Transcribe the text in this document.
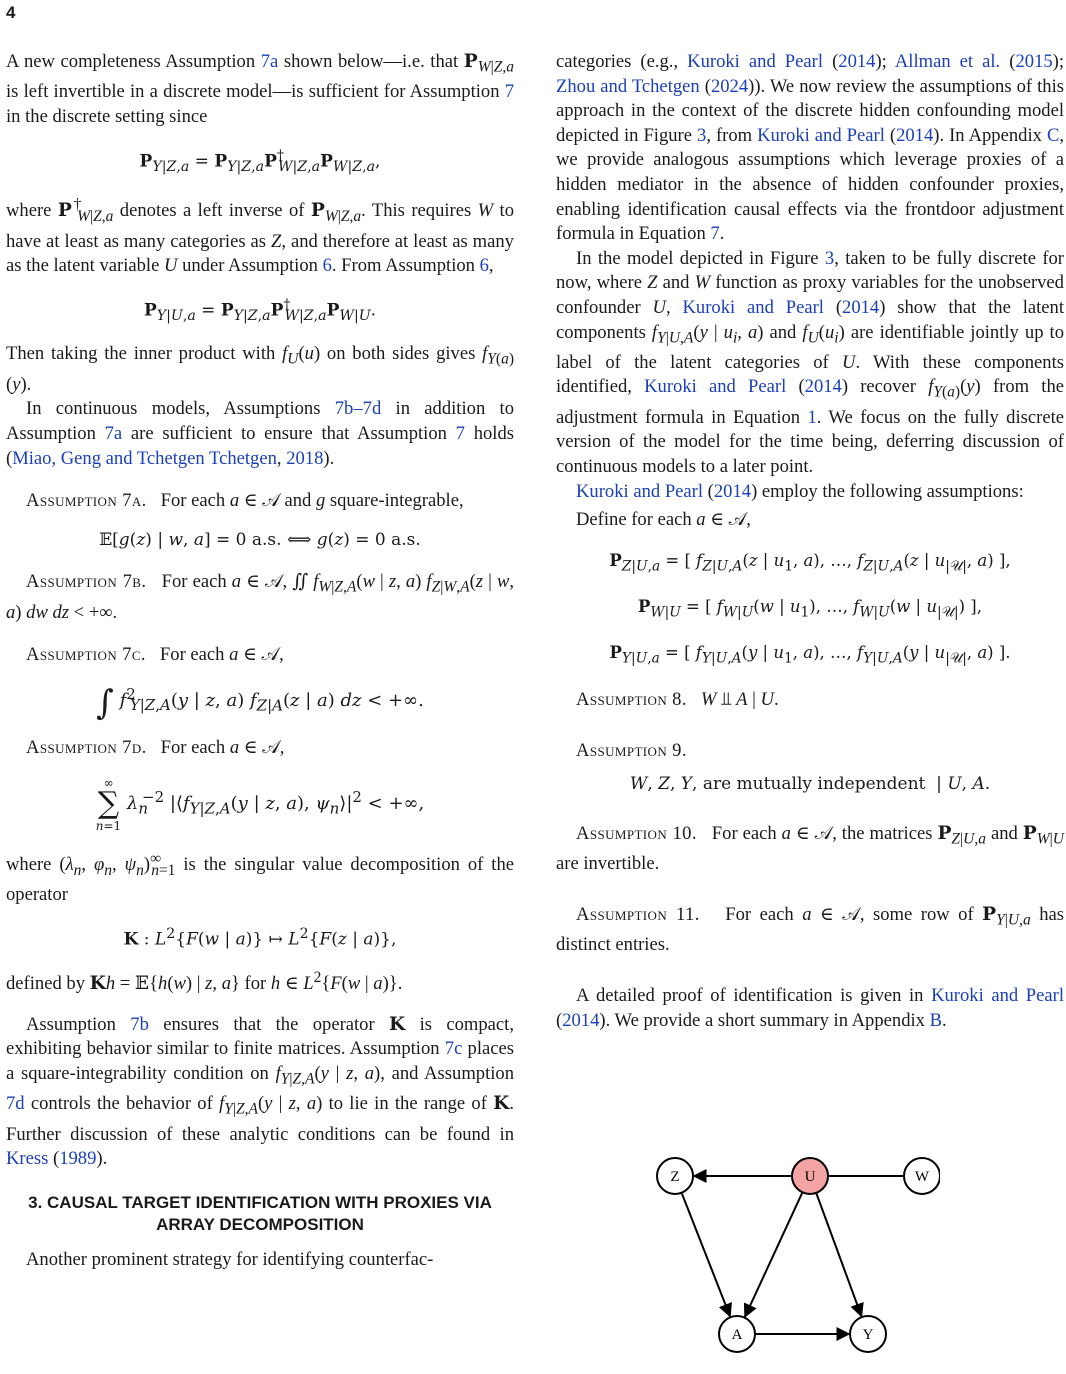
4

A new completeness Assumption 7a shown below—i.e. that $P_{W|Z,a}$ is left invertible in a discrete model—is sufficient for Assumption 7 in the discrete setting since

$P_{Y|Z,a} = P_{Y|Z,a}P^\dagger_{W|Z,a}P_{W|Z,a}$,

where $P^\dagger_{W|Z,a}$ denotes a left inverse of $P_{W|Z,a}$. This requires W to have at least as many categories as Z, and therefore at least as many as the latent variable U under Assumption 6. From Assumption 6,

$P_{Y|U,a} = P_{Y|Z,a}P^\dagger_{W|Z,a}P_{W|U}$.

Then taking the inner product with $f_U(u)$ on both sides gives $f_{Y(a)}(y)$.

In continuous models, Assumptions 7b–7d in addition to Assumption 7a are sufficient to ensure that Assumption 7 holds (Miao, Geng and Tchetgen Tchetgen, 2018).

Assumption 7a.   For each a ∈ 𝒜 and g square-integrable,

𝔼[g(z) | w, a] = 0 a.s. ⟺ g(z) = 0 a.s.

Assumption 7b.   For each a ∈ 𝒜, ∬ $f_{W|Z,A}(w$ | z, a) $f_{Z|W,A}(z$ | w, a) dw dz < +∞.

Assumption 7c.   For each a ∈ 𝒜,

∫ $f^2_{Y|Z,A}(y$ | z, a) $f_{Z|A}(z$ | a) dz < +∞.

Assumption 7d.   For each a ∈ 𝒜,

∞
∑
n=1 $\lambda_n^{-2}$ $|⟨f_{Y|Z,A}(y$ | z, a), $\psi_n⟩|^2$ < +∞,

where ($\lambda_n$, $\varphi_n$, $\psi_n)^\infty_{n=1}$ is the singular value decomposition of the operator

K : $L^2\{F(w$ | a)} ↦ $L^2\{F(z$ | a)},

defined by Kh = 𝔼{h(w) | z, a} for h ∈ $L^2\{F(w$ | a)}.

Assumption 7b ensures that the operator K is compact, exhibiting behavior similar to finite matrices. Assumption 7c places a square-integrability condition on $f_{Y|Z,A}(y$ | z, a), and Assumption 7d controls the behavior of $f_{Y|Z,A}(y$ | z, a) to lie in the range of K. Further discussion of these analytic conditions can be found in Kress (1989).

3. CAUSAL TARGET IDENTIFICATION WITH PROXIES VIA ARRAY DECOMPOSITION

Another prominent strategy for identifying counterfac-

categories (e.g., Kuroki and Pearl (2014); Allman et al. (2015); Zhou and Tchetgen (2024)). We now review the assumptions of this approach in the context of the discrete hidden confounding model depicted in Figure 3, from Kuroki and Pearl (2014). In Appendix C, we provide analogous assumptions which leverage proxies of a hidden mediator in the absence of hidden confounder proxies, enabling identification causal effects via the frontdoor adjustment formula in Equation 7.

In the model depicted in Figure 3, taken to be fully discrete for now, where Z and W function as proxy variables for the unobserved confounder U, Kuroki and Pearl (2014) show that the latent components $f_{Y|U,A}(y$ | $u_i$, a) and $f_U(u_i)$ are identifiable jointly up to label of the latent categories of U. With these components identified, Kuroki and Pearl (2014) recover $f_{Y(a)}(y)$ from the adjustment formula in Equation 1. We focus on the fully discrete version of the model for the time being, deferring discussion of continuous models to a later point.

Kuroki and Pearl (2014) employ the following assumptions:

Define for each a ∈ 𝒜,

$P_{Z|U,a}$ = [ $f_{Z|U,A}(z$ | $u_1$, a), …, $f_{Z|U,A}(z$ | $u_{|𝒰|}$, a) ],
$P_{W|U}$ = [ $f_{W|U}(w$ | $u_1$), …, $f_{W|U}(w$ | $u_{|𝒰|}$) ],
$P_{Y|U,a}$ = [ $f_{Y|U,A}(y$ | $u_1$, a), …, $f_{Y|U,A}(y$ | $u_{|𝒰|}$, a) ].

Assumption 8. W ⫫ A | U.

Assumption 9.

W, Z, Y, are mutually independent  | U, A.

Assumption 10.   For each a ∈ 𝒜, the matrices $P_{Z|U,a}$ and $P_{W|U}$ are invertible.

Assumption 11.   For each a ∈ 𝒜, some row of $P_{Y|U,a}$ has distinct entries.

A detailed proof of identification is given in Kuroki and Pearl (2014). We provide a short summary in Appendix B.

Z	U	W
A	Y
